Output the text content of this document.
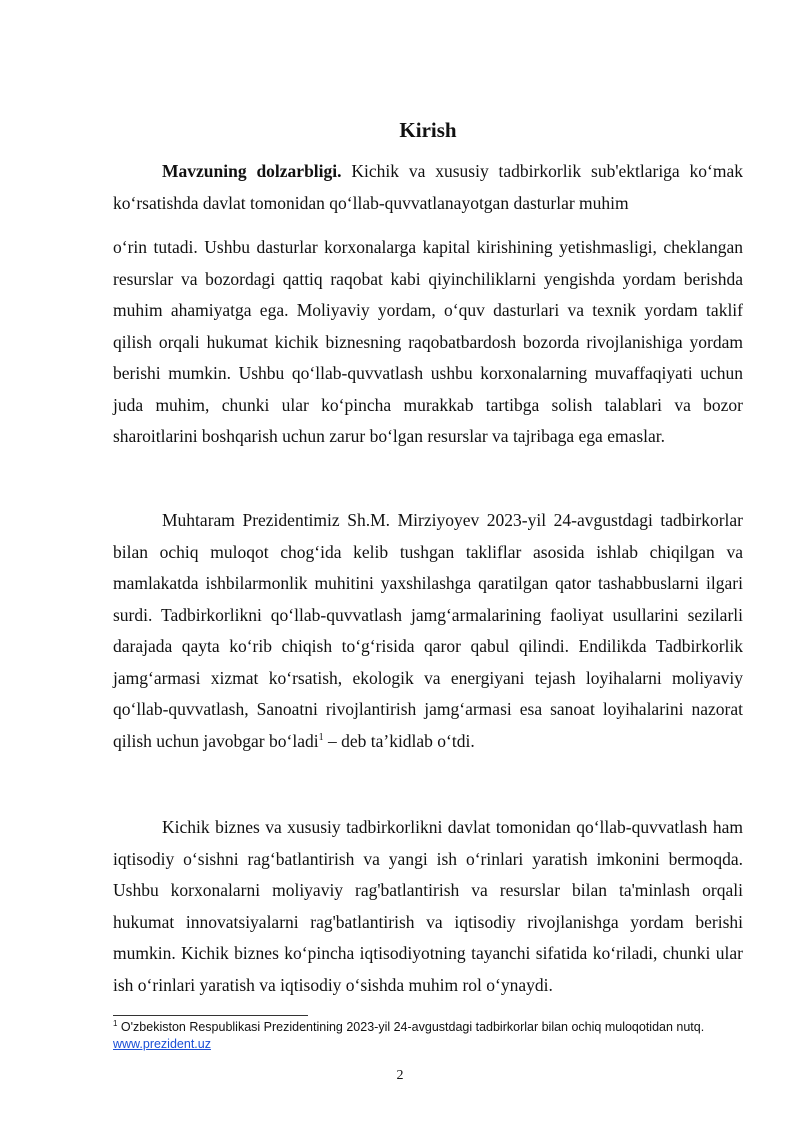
Kirish

Mavzuning dolzarbligi. Kichik va xususiy tadbirkorlik sub'ektlariga koʻmak koʻrsatishda davlat tomonidan qoʻllab-quvvatlanayotgan dasturlar muhim

oʻrin tutadi. Ushbu dasturlar korxonalarga kapital kirishining yetishmasligi, cheklangan resurslar va bozordagi qattiq raqobat kabi qiyinchiliklarni yengishda yordam berishda muhim ahamiyatga ega. Moliyaviy yordam, oʻquv dasturlari va texnik yordam taklif qilish orqali hukumat kichik biznesning raqobatbardosh bozorda rivojlanishiga yordam berishi mumkin. Ushbu qoʻllab-quvvatlash ushbu korxonalarning muvaffaqiyati uchun juda muhim, chunki ular koʻpincha murakkab tartibga solish talablari va bozor sharoitlarini boshqarish uchun zarur boʻlgan resurslar va tajribaga ega emaslar.

Muhtaram Prezidentimiz Sh.M. Mirziyoyev 2023-yil 24-avgustdagi tadbirkorlar bilan ochiq muloqot chogʻida kelib tushgan takliflar asosida ishlab chiqilgan va mamlakatda ishbilarmonlik muhitini yaxshilashga qaratilgan qator tashabbuslarni ilgari surdi. Tadbirkorlikni qoʻllab-quvvatlash jamgʻarmalarining faoliyat usullarini sezilarli darajada qayta koʻrib chiqish toʻgʻrisida qaror qabul qilindi. Endilikda Tadbirkorlik jamgʻarmasi xizmat koʻrsatish, ekologik va energiyani tejash loyihalarni moliyaviy qoʻllab-quvvatlash, Sanoatni rivojlantirish jamgʻarmasi esa sanoat loyihalarini nazorat qilish uchun javobgar boʻladi$^1$ – deb ta’kidlab oʻtdi.

Kichik biznes va xususiy tadbirkorlikni davlat tomonidan qoʻllab-quvvatlash ham iqtisodiy oʻsishni ragʻbatlantirish va yangi ish oʻrinlari yaratish imkonini bermoqda. Ushbu korxonalarni moliyaviy rag'batlantirish va resurslar bilan ta'minlash orqali hukumat innovatsiyalarni rag'batlantirish va iqtisodiy rivojlanishga yordam berishi mumkin. Kichik biznes koʻpincha iqtisodiyotning tayanchi sifatida koʻriladi, chunki ular ish oʻrinlari yaratish va iqtisodiy oʻsishda muhim rol oʻynaydi.

$^1$ O'zbekiston Respublikasi Prezidentining 2023-yil 24-avgustdagi tadbirkorlar bilan ochiq muloqotidan nutq.
www.prezident.uz
2
